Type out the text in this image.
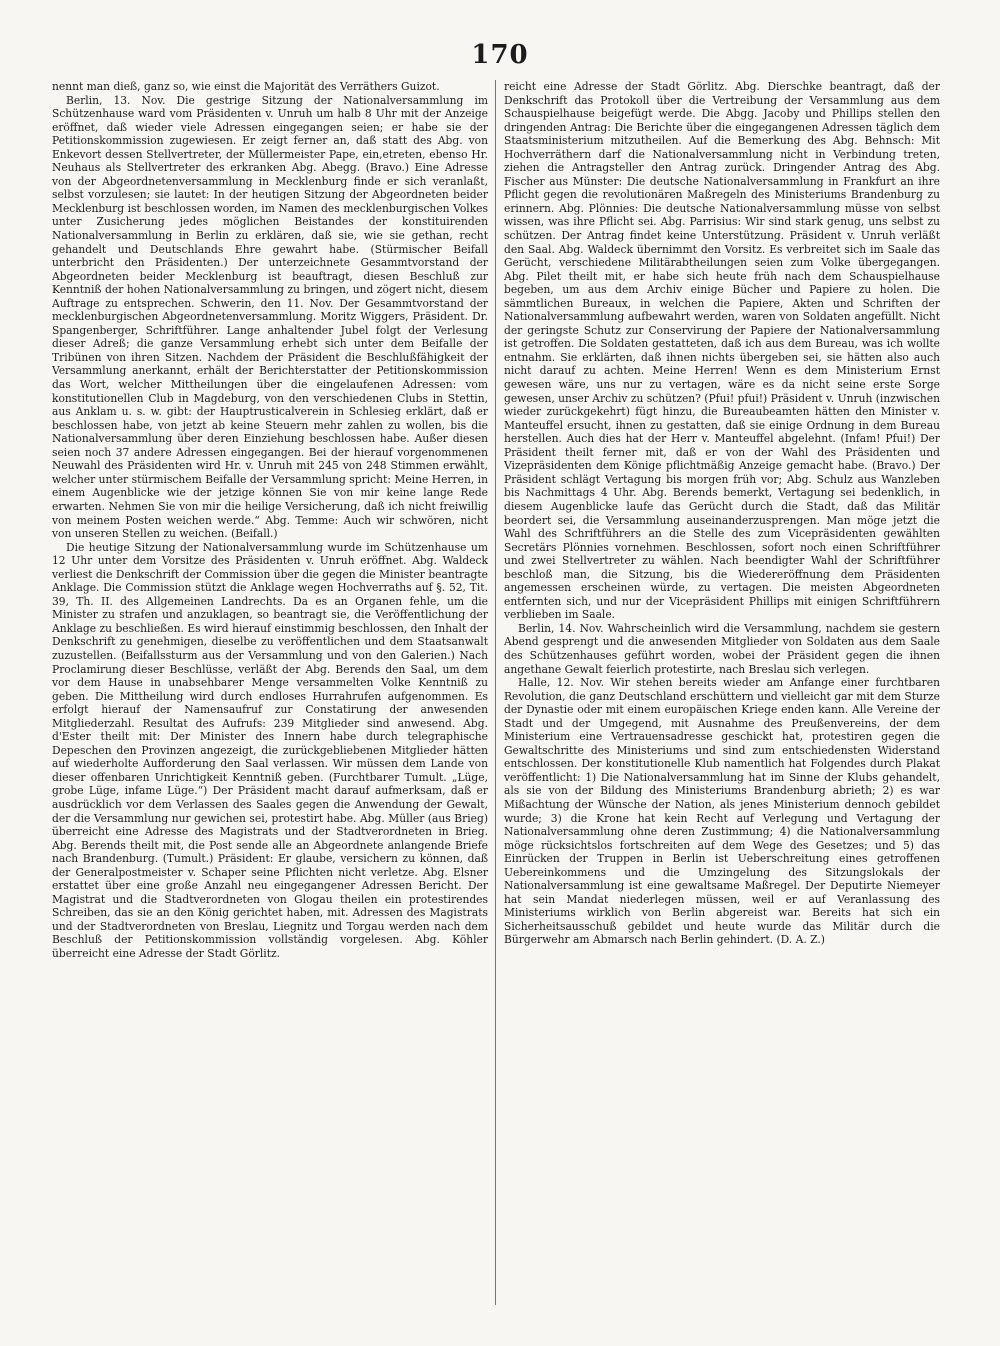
170

nennt man dieß, ganz so, wie einst die Majorität des Verräthers Guizot.

Berlin, 13. Nov. Die gestrige Sitzung der Nationalversammlung im Schützenhause ward vom Präsidenten v. Unruh um halb 8 Uhr mit der Anzeige eröffnet, daß wieder viele Adressen eingegangen seien; er habe sie der Petitionskommission zugewiesen. Er zeigt ferner an, daß statt des Abg. von Enkevort dessen Stellvertreter, der Müllermeister Pape, ein,etreten, ebenso Hr. Neuhaus als Stellvertreter des erkranken Abg. Abegg. (Bravo.) Eine Adresse von der Abgeordnetenversammlung in Mecklenburg finde er sich veranlaßt, selbst vorzulesen; sie lautet: In der heutigen Sitzung der Abgeordneten beider Mecklenburg ist beschlossen worden, im Namen des mecklenburgischen Volkes unter Zusicherung jedes möglichen Beistandes der konstituirenden Nationalversammlung in Berlin zu erklären, daß sie, wie sie gethan, recht gehandelt und Deutschlands Ehre gewahrt habe. (Stürmischer Beifall unterbricht den Präsidenten.) Der unterzeichnete Gesammtvorstand der Abgeordneten beider Mecklenburg ist beauftragt, diesen Beschluß zur Kenntniß der hohen Nationalversammlung zu bringen, und zögert nicht, diesem Auftrage zu entsprechen. Schwerin, den 11. Nov. Der Gesammtvorstand der mecklenburgischen Abgeordnetenversammlung. Moritz Wiggers, Präsident. Dr. Spangenberger, Schriftführer. Lange anhaltender Jubel folgt der Verlesung dieser Adreß; die ganze Versammlung erhebt sich unter dem Beifalle der Tribünen von ihren Sitzen. Nachdem der Präsident die Beschlußfähigkeit der Versammlung anerkannt, erhält der Berichterstatter der Petitionskommission das Wort, welcher Mittheilungen über die eingelaufenen Adressen: vom konstitutionellen Club in Magdeburg, von den verschiedenen Clubs in Stettin, aus Anklam u. s. w. gibt: der Hauptrusticalverein in Schlesieg erklärt, daß er beschlossen habe, von jetzt ab keine Steuern mehr zahlen zu wollen, bis die Nationalversammlung über deren Einziehung beschlossen habe. Außer diesen seien noch 37 andere Adressen eingegangen. Bei der hierauf vorgenommenen Neuwahl des Präsidenten wird Hr. v. Unruh mit 245 von 248 Stimmen erwählt, welcher unter stürmischem Beifalle der Versammlung spricht: Meine Herren, in einem Augenblicke wie der jetzige können Sie von mir keine lange Rede erwarten. Nehmen Sie von mir die heilige Versicherung, daß ich nicht freiwillig von meinem Posten weichen werde.“ Abg. Temme: Auch wir schwören, nicht von unseren Stellen zu weichen. (Beifall.)

Die heutige Sitzung der Nationalversammlung wurde im Schützenhause um 12 Uhr unter dem Vorsitze des Präsidenten v. Unruh eröffnet. Abg. Waldeck verliest die Denkschrift der Commission über die gegen die Minister beantragte Anklage. Die Commission stützt die Anklage wegen Hochverraths auf §. 52, Tit. 39, Th. II. des Allgemeinen Landrechts. Da es an Organen fehle, um die Minister zu strafen und anzuklagen, so beantragt sie, die Veröffentlichung der Anklage zu beschließen. Es wird hierauf einstimmig beschlossen, den Inhalt der Denkschrift zu genehmigen, dieselbe zu veröffentlichen und dem Staatsanwalt zuzustellen. (Beifallssturm aus der Versammlung und von den Galerien.) Nach Proclamirung dieser Beschlüsse, verläßt der Abg. Berends den Saal, um dem vor dem Hause in unabsehbarer Menge versammelten Volke Kenntniß zu geben. Die Mittheilung wird durch endloses Hurrahrufen aufgenommen. Es erfolgt hierauf der Namensaufruf zur Constatirung der anwesenden Mitgliederzahl. Resultat des Aufrufs: 239 Mitglieder sind anwesend. Abg. d'Ester theilt mit: Der Minister des Innern habe durch telegraphische Depeschen den Provinzen angezeigt, die zurückgebliebenen Mitglieder hätten auf wiederholte Aufforderung den Saal verlassen. Wir müssen dem Lande von dieser offenbaren Unrichtigkeit Kenntniß geben. (Furchtbarer Tumult. „Lüge, grobe Lüge, infame Lüge.“) Der Präsident macht darauf aufmerksam, daß er ausdrücklich vor dem Verlassen des Saales gegen die Anwendung der Gewalt, der die Versammlung nur gewichen sei, protestirt habe. Abg. Müller (aus Brieg) überreicht eine Adresse des Magistrats und der Stadtverordneten in Brieg. Abg. Berends theilt mit, die Post sende alle an Abgeordnete anlangende Briefe nach Brandenburg. (Tumult.) Präsident: Er glaube, versichern zu können, daß der Generalpostmeister v. Schaper seine Pflichten nicht verletze. Abg. Elsner erstattet über eine große Anzahl neu eingegangener Adressen Bericht. Der Magistrat und die Stadtverordneten von Glogau theilen ein protestirendes Schreiben, das sie an den König gerichtet haben, mit. Adressen des Magistrats und der Stadtverordneten von Breslau, Liegnitz und Torgau werden nach dem Beschluß der Petitionskommission vollständig vorgelesen. Abg. Köhler überreicht eine Adresse der Stadt Görlitz.

reicht eine Adresse der Stadt Görlitz. Abg. Dierschke beantragt, daß der Denkschrift das Protokoll über die Vertreibung der Versammlung aus dem Schauspielhause beigefügt werde. Die Abgg. Jacoby und Phillips stellen den dringenden Antrag: Die Berichte über die eingegangenen Adressen täglich dem Staatsministerium mitzutheilen. Auf die Bemerkung des Abg. Behnsch: Mit Hochverräthern darf die Nationalversammlung nicht in Verbindung treten, ziehen die Antragsteller den Antrag zurück. Dringender Antrag des Abg. Fischer aus Münster: Die deutsche Nationalversammlung in Frankfurt an ihre Pflicht gegen die revolutionären Maßregeln des Ministeriums Brandenburg zu erinnern. Abg. Plönnies: Die deutsche Nationalversammlung müsse von selbst wissen, was ihre Pflicht sei. Abg. Parrisius: Wir sind stark genug, uns selbst zu schützen. Der Antrag findet keine Unterstützung. Präsident v. Unruh verläßt den Saal. Abg. Waldeck übernimmt den Vorsitz. Es verbreitet sich im Saale das Gerücht, verschiedene Militärabtheilungen seien zum Volke übergegangen. Abg. Pilet theilt mit, er habe sich heute früh nach dem Schauspielhause begeben, um aus dem Archiv einige Bücher und Papiere zu holen. Die sämmtlichen Bureaux, in welchen die Papiere, Akten und Schriften der Nationalversammlung aufbewahrt werden, waren von Soldaten angefüllt. Nicht der geringste Schutz zur Conservirung der Papiere der Nationalversammlung ist getroffen. Die Soldaten gestatteten, daß ich aus dem Bureau, was ich wollte entnahm. Sie erklärten, daß ihnen nichts übergeben sei, sie hätten also auch nicht darauf zu achten. Meine Herren! Wenn es dem Ministerium Ernst gewesen wäre, uns nur zu vertagen, wäre es da nicht seine erste Sorge gewesen, unser Archiv zu schützen? (Pfui! pfui!) Präsident v. Unruh (inzwischen wieder zurückgekehrt) fügt hinzu, die Bureaubeamten hätten den Minister v. Manteuffel ersucht, ihnen zu gestatten, daß sie einige Ordnung in dem Bureau herstellen. Auch dies hat der Herr v. Manteuffel abgelehnt. (Infam! Pfui!) Der Präsident theilt ferner mit, daß er von der Wahl des Präsidenten und Vizepräsidenten dem Könige pflichtmäßig Anzeige gemacht habe. (Bravo.) Der Präsident schlägt Vertagung bis morgen früh vor; Abg. Schulz aus Wanzleben bis Nachmittags 4 Uhr. Abg. Berends bemerkt, Vertagung sei bedenklich, in diesem Augenblicke laufe das Gerücht durch die Stadt, daß das Militär beordert sei, die Versammlung auseinanderzusprengen. Man möge jetzt die Wahl des Schriftführers an die Stelle des zum Vicepräsidenten gewählten Secretärs Plönnies vornehmen. Beschlossen, sofort noch einen Schriftführer und zwei Stellvertreter zu wählen. Nach beendigter Wahl der Schriftführer beschloß man, die Sitzung, bis die Wiedereröffnung dem Präsidenten angemessen erscheinen würde, zu vertagen. Die meisten Abgeordneten entfernten sich, und nur der Vicepräsident Phillips mit einigen Schriftführern verblieben im Saale.

Berlin, 14. Nov. Wahrscheinlich wird die Versammlung, nachdem sie gestern Abend gesprengt und die anwesenden Mitglieder von Soldaten aus dem Saale des Schützenhauses geführt worden, wobei der Präsident gegen die ihnen angethane Gewalt feierlich protestirte, nach Breslau sich verlegen.

Halle, 12. Nov. Wir stehen bereits wieder am Anfange einer furchtbaren Revolution, die ganz Deutschland erschüttern und vielleicht gar mit dem Sturze der Dynastie oder mit einem europäischen Kriege enden kann. Alle Vereine der Stadt und der Umgegend, mit Ausnahme des Preußenvereins, der dem Ministerium eine Vertrauensadresse geschickt hat, protestiren gegen die Gewaltschritte des Ministeriums und sind zum entschiedensten Widerstand entschlossen. Der konstitutionelle Klub namentlich hat Folgendes durch Plakat veröffentlicht: 1) Die Nationalversammlung hat im Sinne der Klubs gehandelt, als sie von der Bildung des Ministeriums Brandenburg abrieth; 2) es war Mißachtung der Wünsche der Nation, als jenes Ministerium dennoch gebildet wurde; 3) die Krone hat kein Recht auf Verlegung und Vertagung der Nationalversammlung ohne deren Zustimmung; 4) die Nationalversammlung möge rücksichtslos fortschreiten auf dem Wege des Gesetzes; und 5) das Einrücken der Truppen in Berlin ist Ueberschreitung eines getroffenen Uebereinkommens und die Umzingelung des Sitzungslokals der Nationalversammlung ist eine gewaltsame Maßregel. Der Deputirte Niemeyer hat sein Mandat niederlegen müssen, weil er auf Veranlassung des Ministeriums wirklich von Berlin abgereist war. Bereits hat sich ein Sicherheitsausschuß gebildet und heute wurde das Militär durch die Bürgerwehr am Abmarsch nach Berlin gehindert. (D. A. Z.)
